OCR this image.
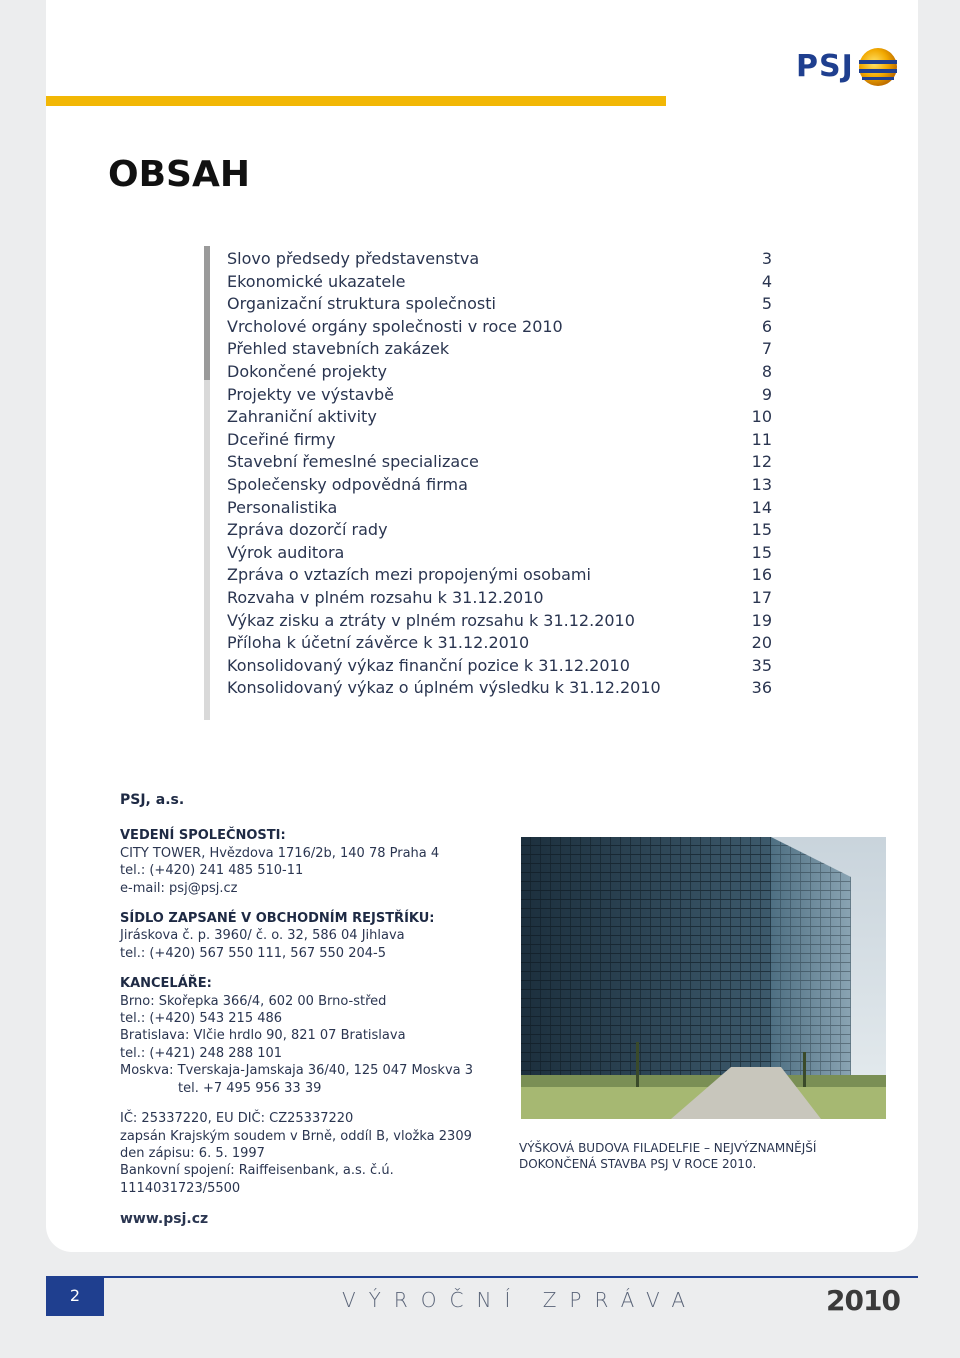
PSJ
OBSAH
Slovo předsedy představenstva	3
Ekonomické ukazatele	4
Organizační struktura společnosti	5
Vrcholové orgány společnosti v roce 2010	6
Přehled stavebních zakázek	7
Dokončené projekty	8
Projekty ve výstavbě	9
Zahraniční aktivity	10
Dceřiné firmy	11
Stavební řemeslné specializace	12
Společensky odpovědná firma	13
Personalistika	14
Zpráva dozorčí rady	15
Výrok auditora	15
Zpráva o vztazích mezi propojenými osobami	16
Rozvaha v plném rozsahu k 31.12.2010	17
Výkaz zisku a ztráty v plném rozsahu k 31.12.2010	19
Příloha k účetní závěrce k 31.12.2010	20
Konsolidovaný výkaz finanční pozice k 31.12.2010	35
Konsolidovaný výkaz o úplném výsledku k 31.12.2010	36
PSJ, a.s.
VEDENÍ SPOLEČNOSTI:
CITY TOWER, Hvězdova 1716/2b, 140 78 Praha 4
tel.: (+420) 241 485 510-11
e-mail: psj@psj.cz
SÍDLO ZAPSANÉ V OBCHODNÍM REJSTŘÍKU:
Jiráskova č. p. 3960/ č. o. 32, 586 04 Jihlava
tel.: (+420) 567 550 111, 567 550 204-5
KANCELÁŘE:
Brno: Skořepka 366/4, 602 00 Brno-střed
tel.: (+420) 543 215 486
Bratislava: Vlčie hrdlo 90, 821 07 Bratislava
tel.: (+421) 248 288 101
Moskva: Tverskaja-Jamskaja 36/40, 125 047 Moskva 3
tel. +7 495 956 33 39
IČ: 25337220, EU DIČ: CZ25337220
zapsán Krajským soudem v Brně, oddíl B, vložka 2309
den zápisu: 6. 5. 1997
Bankovní spojení: Raiffeisenbank, a.s. č.ú. 1114031723/5500
www.psj.cz
VÝŠKOVÁ BUDOVA FILADELFIE – NEJVÝZNAMNĚJŠÍ
DOKONČENÁ STAVBA PSJ V ROCE 2010.
2	VÝROČNÍ ZPRÁVA	2010
